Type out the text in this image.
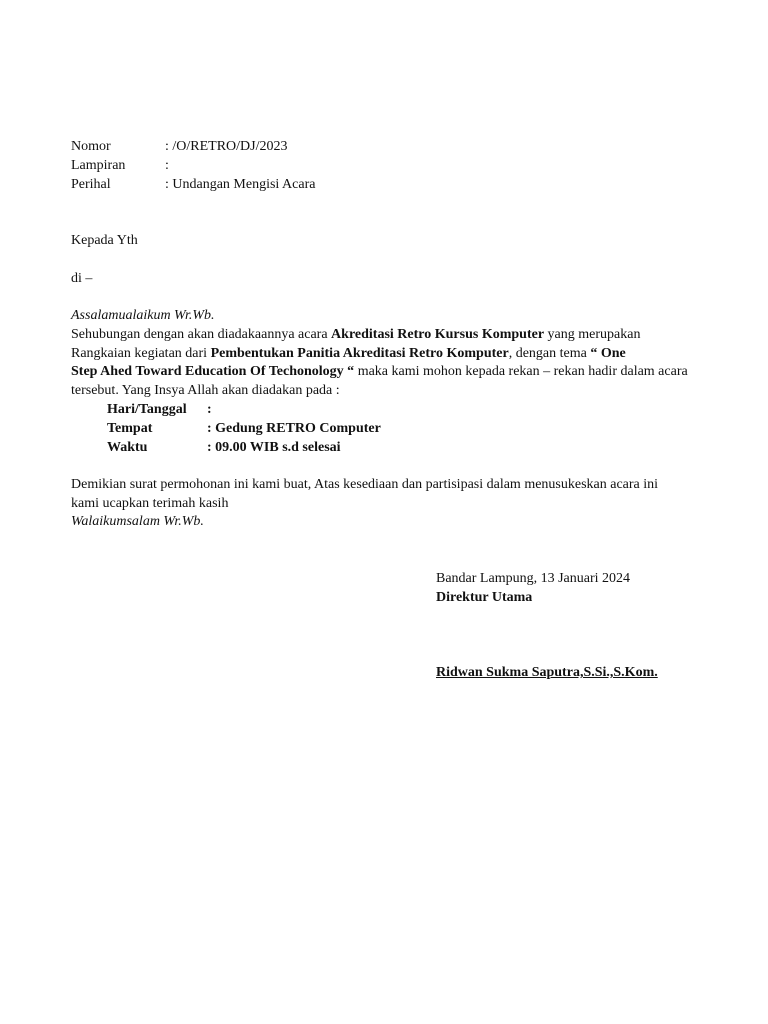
Nomor	: /O/RETRO/DJ/2023
Lampiran	:
Perihal	: Undangan Mengisi Acara
Kepada Yth
di –
Assalamualaikum Wr.Wb.
Sehubungan dengan akan diadakaannya acara Akreditasi Retro Kursus Komputer yang merupakan
Rangkaian kegiatan dari Pembentukan Panitia Akreditasi Retro Komputer, dengan tema “ One
Step Ahed Toward Education Of Techonology “ maka kami mohon kepada rekan – rekan hadir dalam acara
tersebut. Yang Insya Allah akan diadakan pada :
Hari/Tanggal :
Tempat	: Gedung RETRO Computer
Waktu	: 09.00 WIB s.d selesai
Demikian surat permohonan ini kami buat, Atas kesediaan dan partisipasi dalam menusukeskan acara ini
kami ucapkan terimah kasih
Walaikumsalam Wr.Wb.
Bandar Lampung, 13 Januari 2024
Direktur Utama
Ridwan Sukma Saputra,S.Si.,S.Kom.
